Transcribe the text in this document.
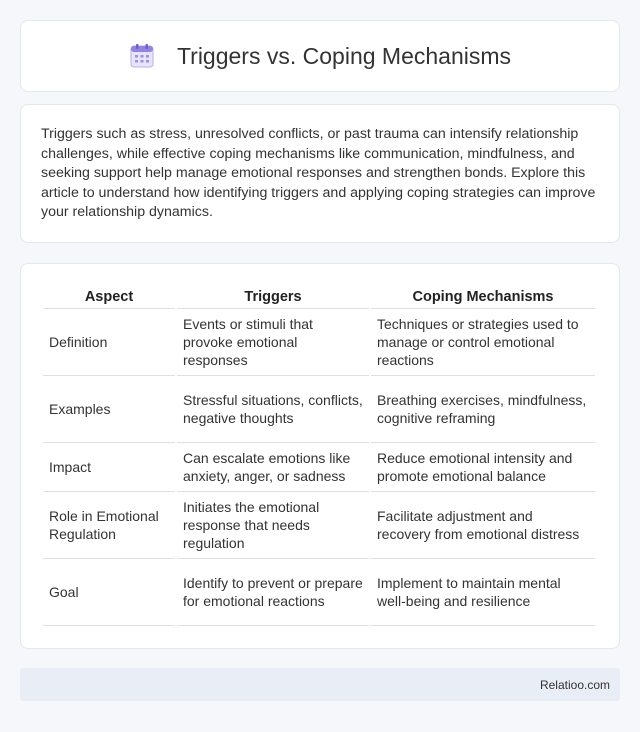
Triggers vs. Coping Mechanisms

Triggers such as stress, unresolved conflicts, or past trauma can intensify relationship challenges, while effective coping mechanisms like communication, mindfulness, and seeking support help manage emotional responses and strengthen bonds. Explore this article to understand how identifying triggers and applying coping strategies can improve your relationship dynamics.

Aspect	Triggers	Coping Mechanisms
Definition	Events or stimuli that provoke emotional responses	Techniques or strategies used to manage or control emotional reactions
Examples	Stressful situations, conflicts, negative thoughts	Breathing exercises, mindfulness, cognitive reframing
Impact	Can escalate emotions like anxiety, anger, or sadness	Reduce emotional intensity and promote emotional balance
Role in Emotional Regulation	Initiates the emotional response that needs regulation	Facilitate adjustment and recovery from emotional distress
Goal	Identify to prevent or prepare for emotional reactions	Implement to maintain mental well-being and resilience
Relatioo.com
